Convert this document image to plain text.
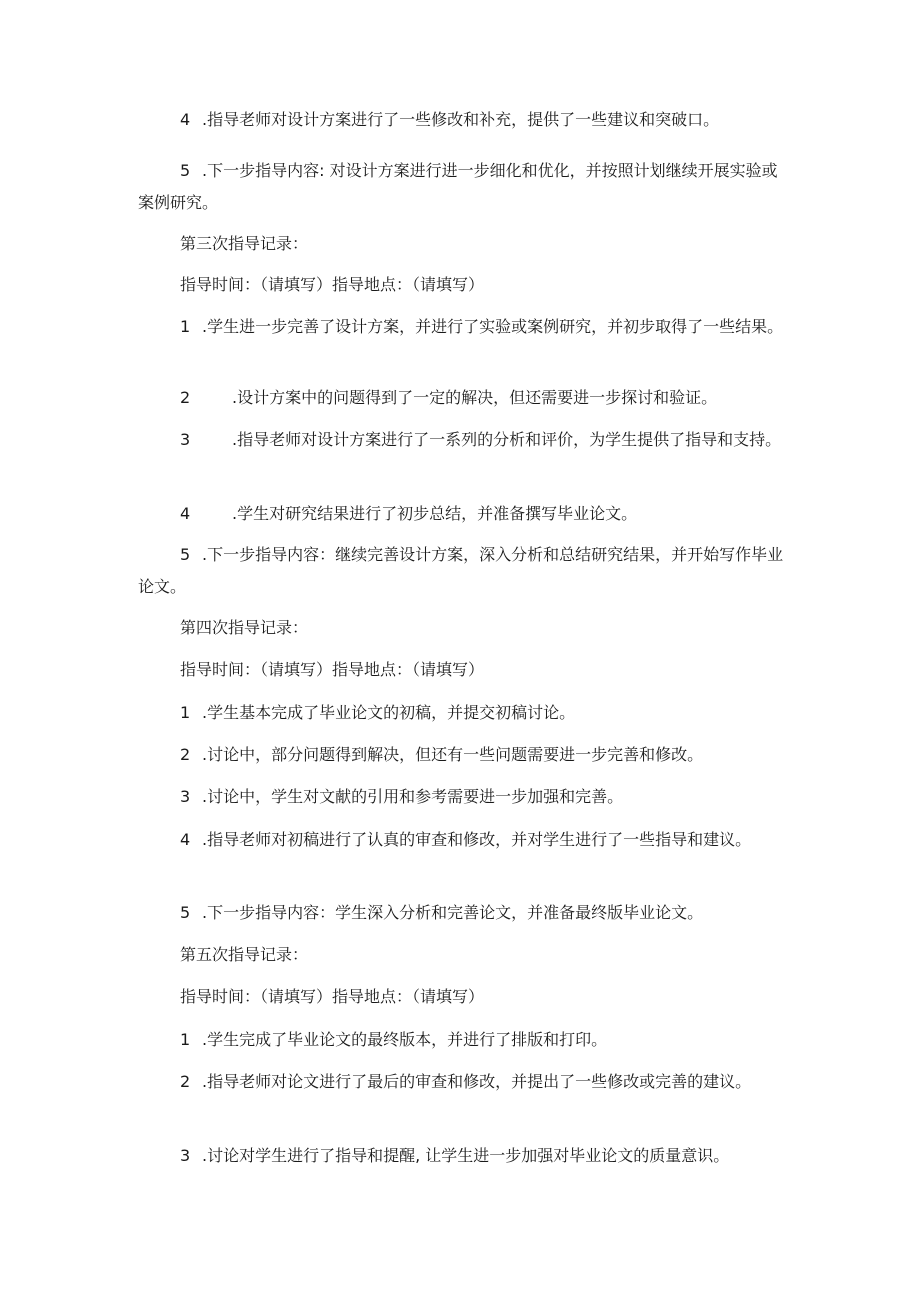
4 .指导老师对设计方案进行了一些修改和补充，提供了一些建议和突破口。

5 .下一步指导内容: 对设计方案进行进一步细化和优化，并按照计划继续开展实验或案例研究。

第三次指导记录：

指导时间：（请填写）指导地点：（请填写）

1 .学生进一步完善了设计方案，并进行了实验或案例研究，并初步取得了一些结果。

2	.设计方案中的问题得到了一定的解决，但还需要进一步探讨和验证。

3	.指导老师对设计方案进行了一系列的分析和评价，为学生提供了指导和支持。

4	.学生对研究结果进行了初步总结，并准备撰写毕业论文。

5 .下一步指导内容：继续完善设计方案，深入分析和总结研究结果，并开始写作毕业论文。

第四次指导记录：

指导时间：（请填写）指导地点：（请填写）

1 .学生基本完成了毕业论文的初稿，并提交初稿讨论。

2 .讨论中，部分问题得到解决，但还有一些问题需要进一步完善和修改。

3 .讨论中，学生对文献的引用和参考需要进一步加强和完善。

4 .指导老师对初稿进行了认真的审查和修改，并对学生进行了一些指导和建议。

5 .下一步指导内容：学生深入分析和完善论文，并准备最终版毕业论文。

第五次指导记录：

指导时间：（请填写）指导地点：（请填写）

1 .学生完成了毕业论文的最终版本，并进行了排版和打印。

2 .指导老师对论文进行了最后的审查和修改，并提出了一些修改或完善的建议。

3 .讨论对学生进行了指导和提醒, 让学生进一步加强对毕业论文的质量意识。
